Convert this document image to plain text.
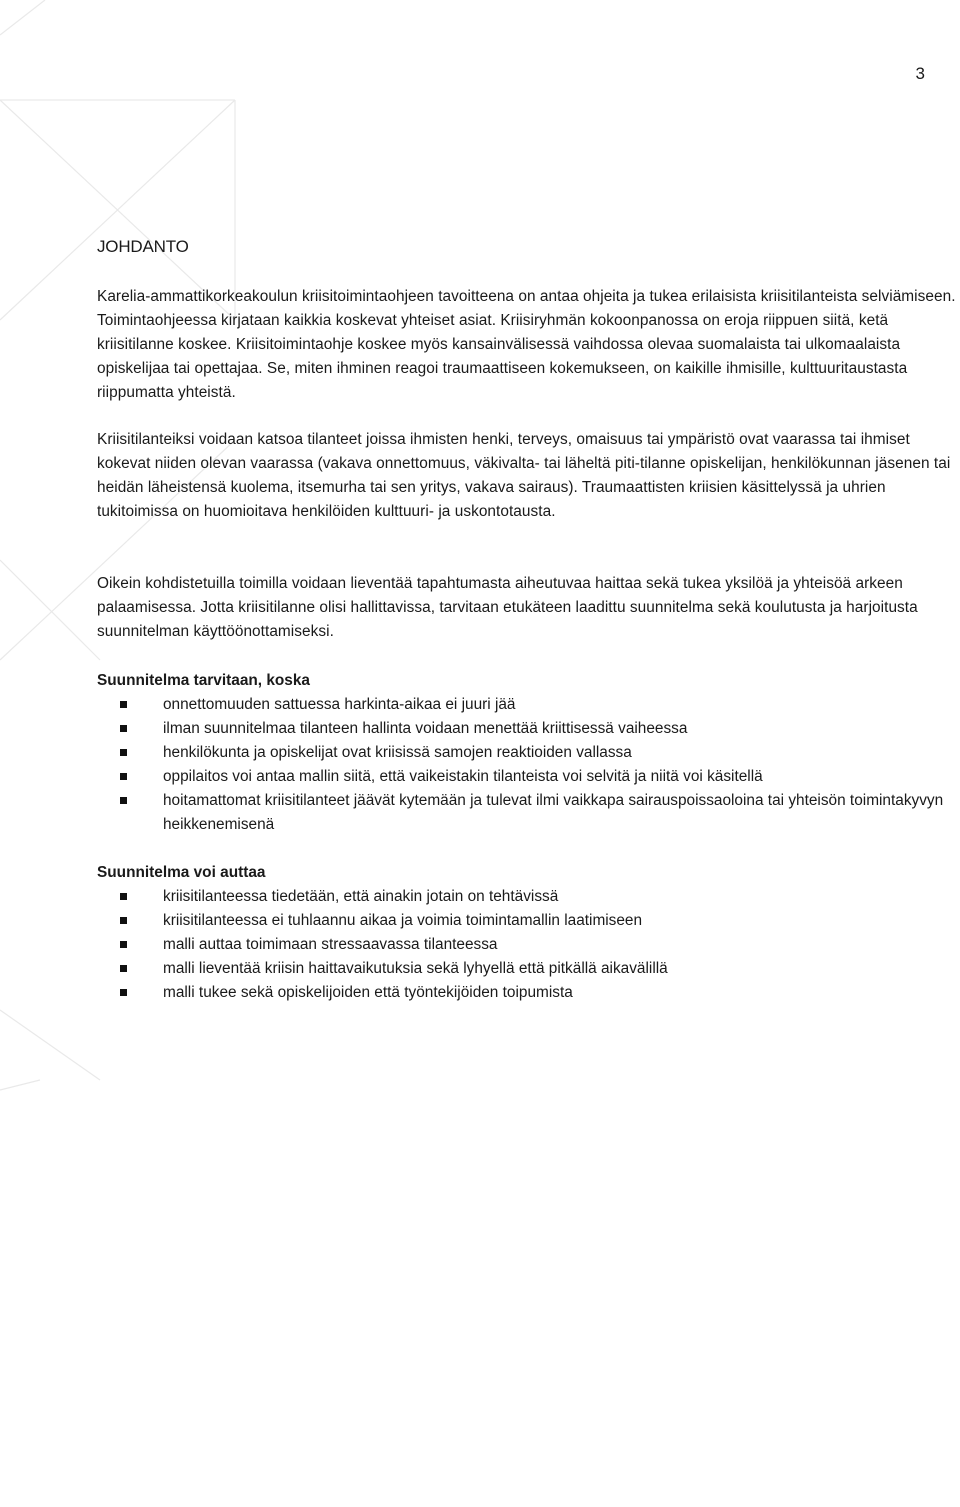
3
JOHDANTO
Karelia-ammattikorkeakoulun kriisitoimintaohjeen tavoitteena on antaa ohjeita ja tukea erilaisista kriisitilanteista selviämiseen. Toimintaohjeessa kirjataan kaikkia koskevat yhteiset asiat. Kriisiryhmän kokoonpanossa on eroja riippuen siitä, ketä kriisitilanne koskee. Kriisitoimintaohje koskee myös kansainvälisessä vaihdossa olevaa suomalaista tai ulkomaalaista opiskelijaa tai opettajaa. Se, miten ihminen reagoi traumaattiseen kokemukseen, on kaikille ihmisille, kulttuuritaustasta riippumatta yhteistä.
Kriisitilanteiksi voidaan katsoa tilanteet joissa ihmisten henki, terveys, omaisuus tai ympäristö ovat vaarassa tai ihmiset kokevat niiden olevan vaarassa (vakava onnettomuus, väkivalta- tai läheltä piti-tilanne opiskelijan, henkilökunnan jäsenen tai heidän läheistensä kuolema, itsemurha tai sen yritys, vakava sairaus). Traumaattisten kriisien käsittelyssä ja uhrien tukitoimissa on huomioitava henkilöiden kulttuuri- ja uskontotausta.
Oikein kohdistetuilla toimilla voidaan lieventää tapahtumasta aiheutuvaa haittaa sekä tukea yksilöä ja yhteisöä arkeen palaamisessa. Jotta kriisitilanne olisi hallittavissa, tarvitaan etukäteen laadittu suunnitelma sekä koulutusta ja harjoitusta suunnitelman käyttöönottamiseksi.
Suunnitelma tarvitaan, koska
onnettomuuden sattuessa harkinta-aikaa ei juuri jää
ilman suunnitelmaa tilanteen hallinta voidaan menettää kriittisessä vaiheessa
henkilökunta ja opiskelijat ovat kriisissä samojen reaktioiden vallassa
oppilaitos voi antaa mallin siitä, että vaikeistakin tilanteista voi selvitä ja niitä voi käsitellä
hoitamattomat kriisitilanteet jäävät kytemään ja tulevat ilmi vaikkapa sairauspoissaoloina tai yhteisön toimintakyvyn heikkenemisenä
Suunnitelma voi auttaa
kriisitilanteessa tiedetään, että ainakin jotain on tehtävissä
kriisitilanteessa ei tuhlaannu aikaa ja voimia toimintamallin laatimiseen
malli auttaa toimimaan stressaavassa tilanteessa
malli lieventää kriisin haittavaikutuksia sekä lyhyellä että pitkällä aikavälillä
malli tukee sekä opiskelijoiden että työntekijöiden toipumista
